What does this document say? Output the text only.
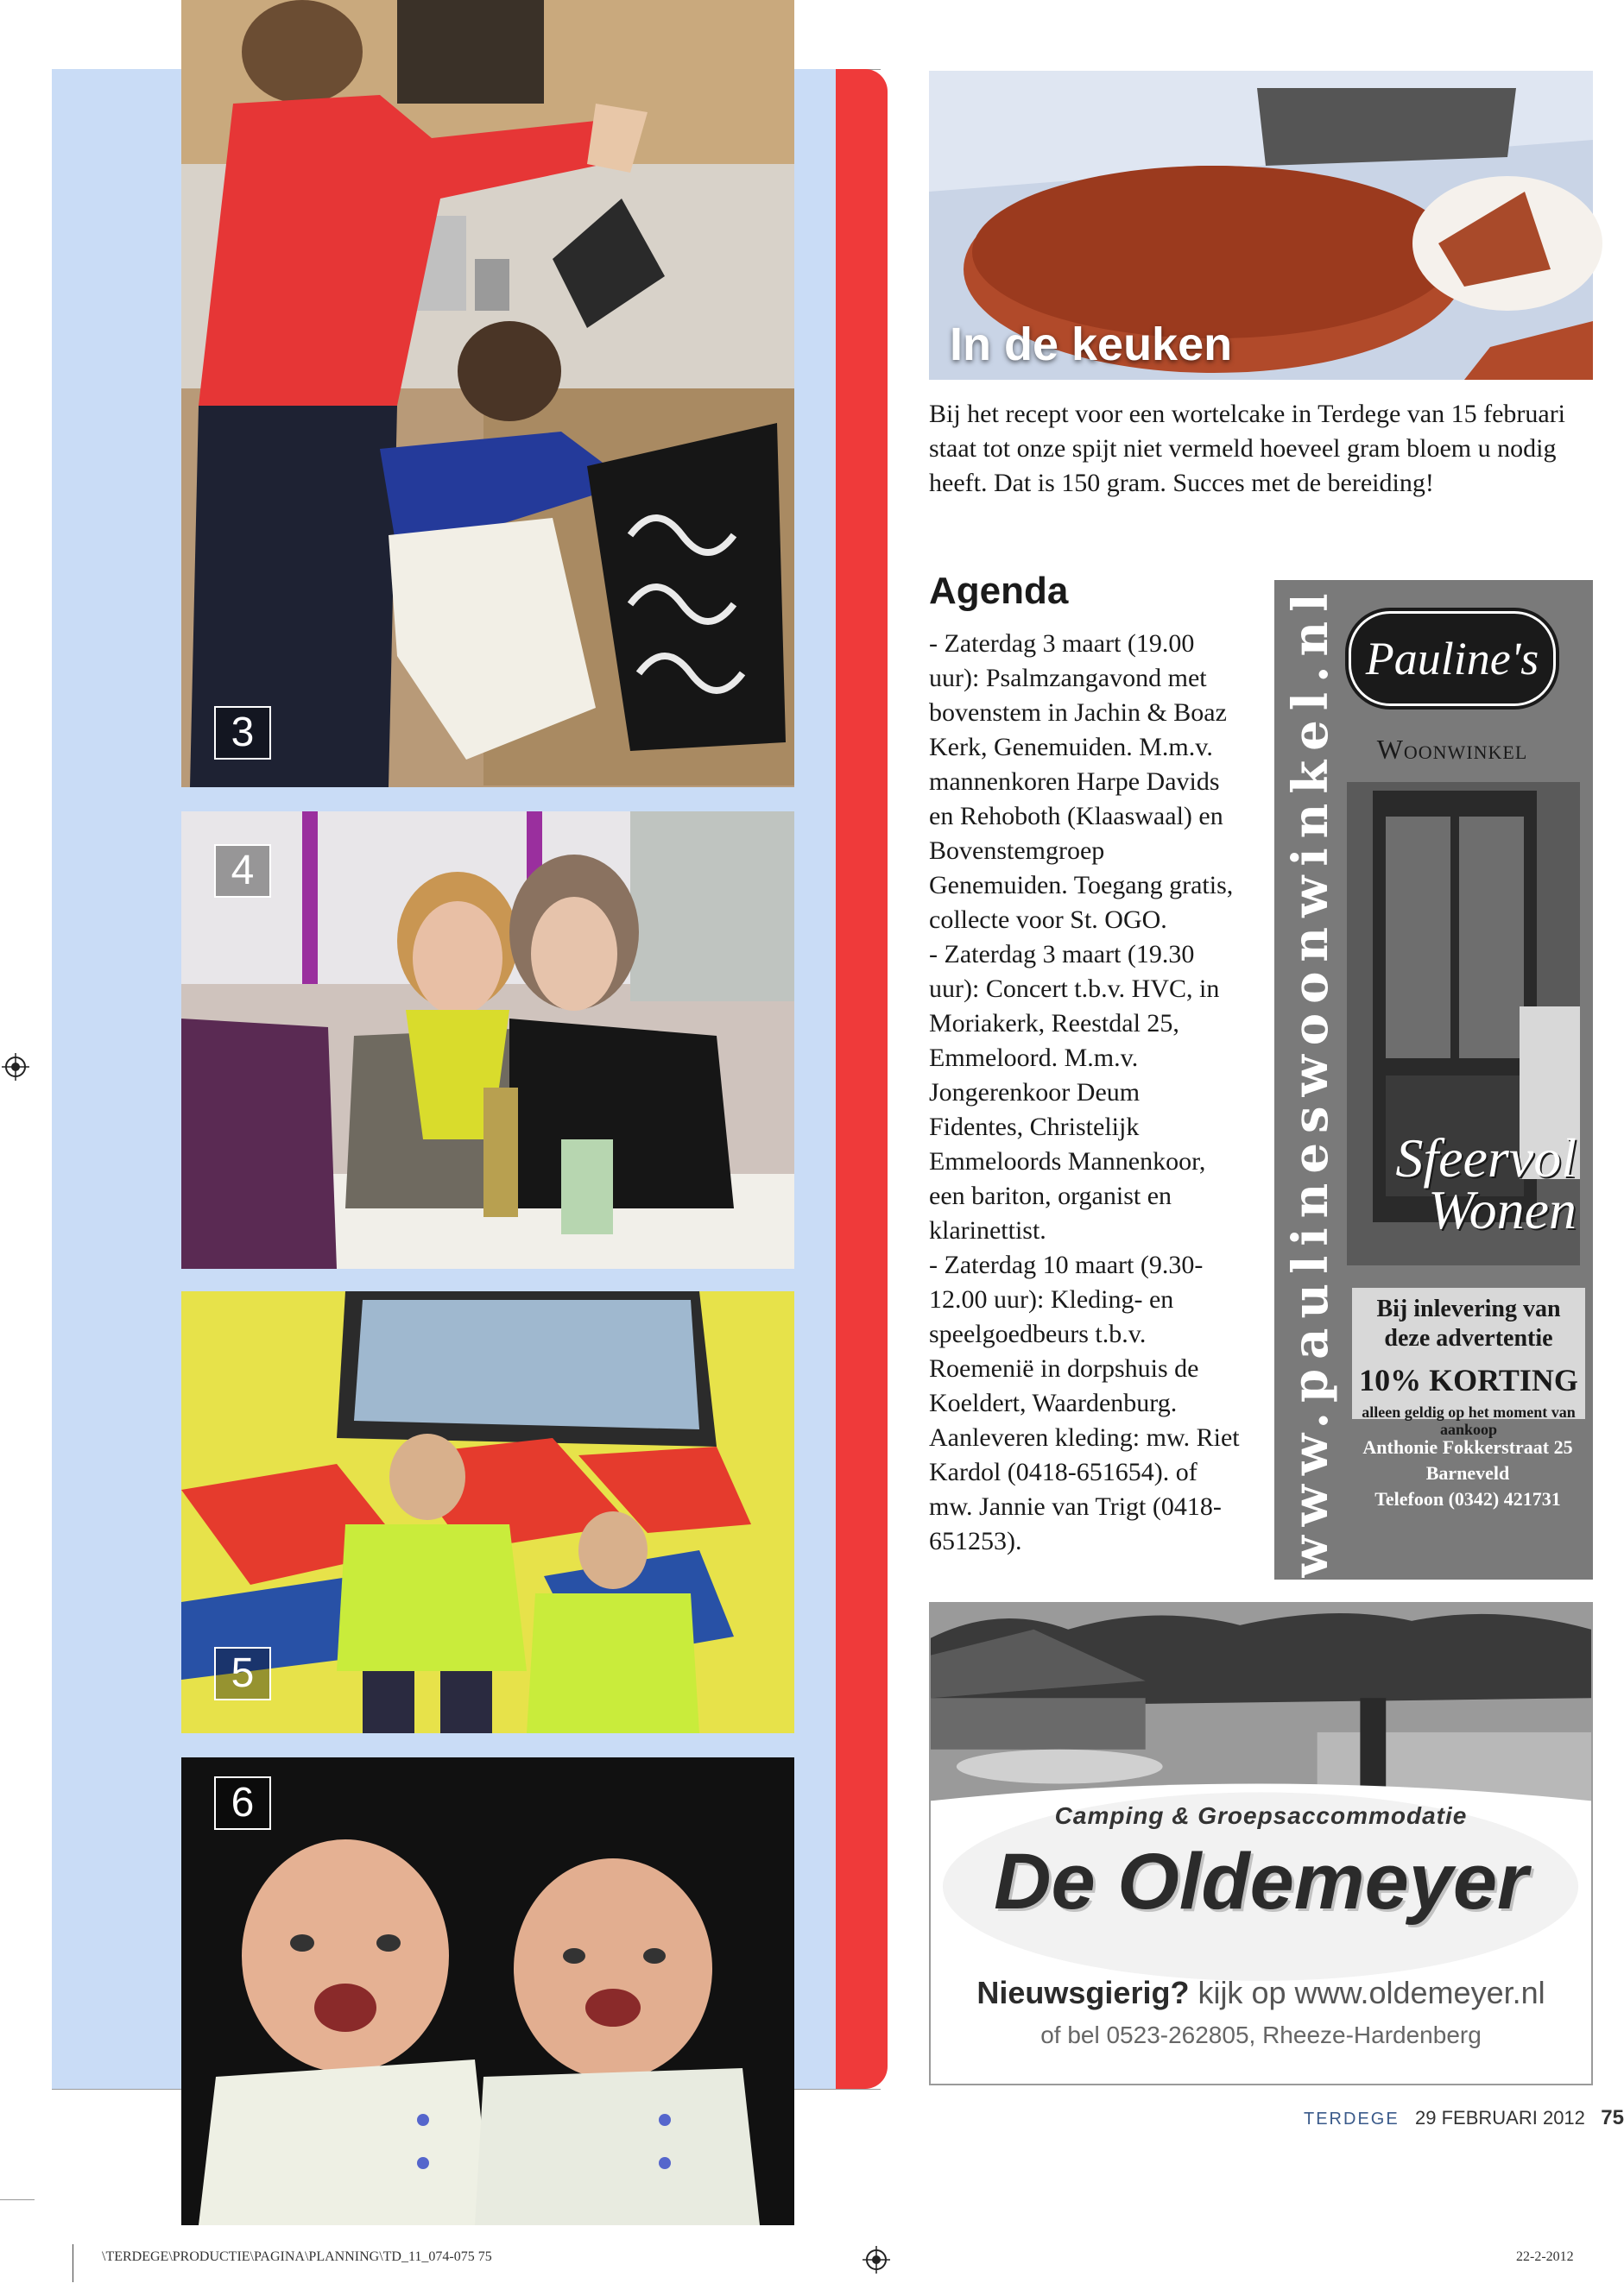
3
4
5
6
In de keuken
Bij het recept voor een wortelcake in Terdege van 15 februari staat tot onze spijt niet vermeld hoeveel gram bloem u nodig heeft. Dat is 150 gram. Succes met de bereiding!
Agenda

- Zaterdag 3 maart (19.00 uur): Psalmzangavond met bovenstem in Jachin & Boaz Kerk, Genemuiden. M.m.v. mannenkoren Harpe Davids en Rehoboth (Klaaswaal) en Bovenstemgroep Genemuiden. Toegang gratis, collecte voor St. OGO.

- Zaterdag 3 maart (19.30 uur): Concert t.b.v. HVC, in Moriakerk, Reestdal 25, Emmeloord. M.m.v. Jongerenkoor Deum Fidentes, Christelijk Emmeloords Mannenkoor, een bariton, organist en klarinettist.

- Zaterdag 10 maart (9.30-12.00 uur): Kleding- en speelgoedbeurs t.b.v. Roemenië in dorpshuis de Koeldert, Waardenburg. Aanleveren kleding: mw. Riet Kardol (0418-651654). of mw. Jannie van Trigt (0418-651253).	www.paulineswoonwinkel.nl Pauline's
Woonwinkel
Sfeervol
Wonen
Bij inlevering van deze advertentie
10% KORTING
alleen geldig op het moment van aankoop
Anthonie Fokkerstraat 25
Barneveld
Telefoon (0342) 421731
Camping & Groepsaccommodatie
De Oldemeyer
Nieuwsgierig? kijk op www.oldemeyer.nl
of bel 0523-262805, Rheeze-Hardenberg
TERDEGE 29 FEBRUARI 2012 75
\TERDEGE\PRODUCTIE\PAGINA\PLANNING\TD_11_074-075 75	22-2-2012
